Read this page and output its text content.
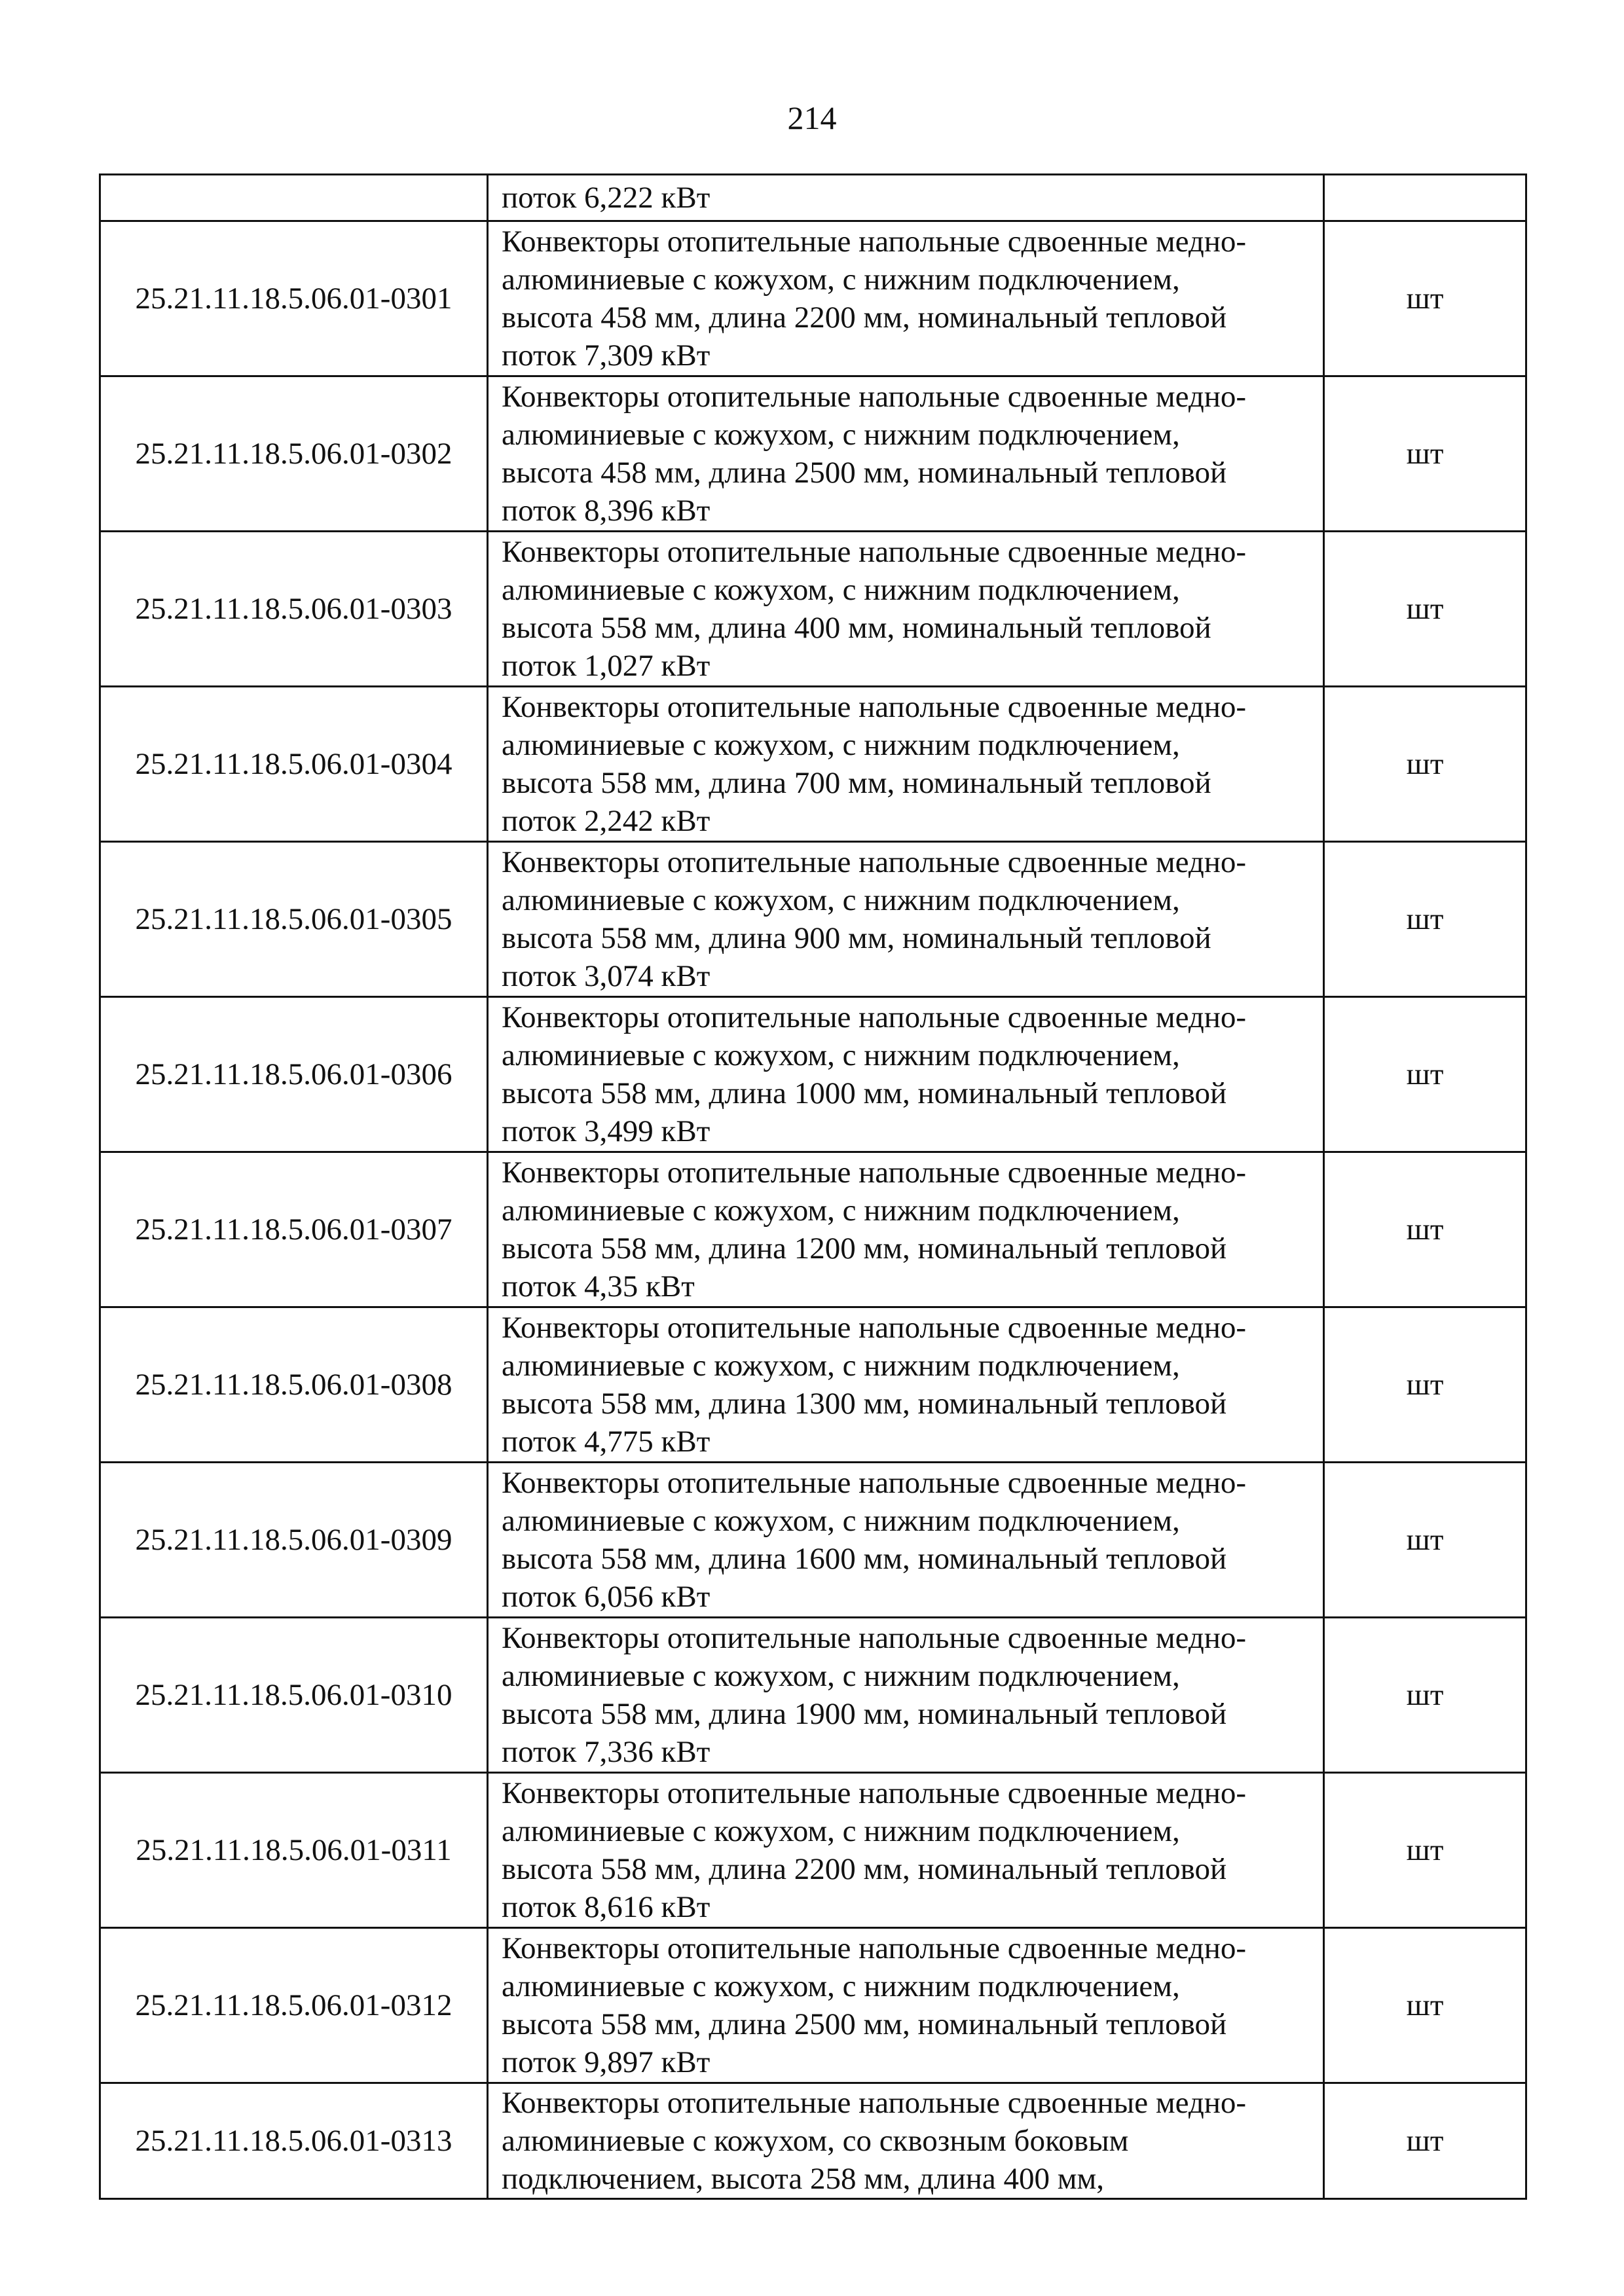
214

	поток 6,222 кВт	

25.21.11.18.5.06.01-0301	Конвекторы отопительные напольные сдвоенные медно-
алюминиевые с кожухом, с нижним подключением,
высота 458 мм, длина 2200 мм, номинальный тепловой
поток 7,309 кВт	шт
25.21.11.18.5.06.01-0302	Конвекторы отопительные напольные сдвоенные медно-
алюминиевые с кожухом, с нижним подключением,
высота 458 мм, длина 2500 мм, номинальный тепловой
поток 8,396 кВт	шт
25.21.11.18.5.06.01-0303	Конвекторы отопительные напольные сдвоенные медно-
алюминиевые с кожухом, с нижним подключением,
высота 558 мм, длина 400 мм, номинальный тепловой
поток 1,027 кВт	шт
25.21.11.18.5.06.01-0304	Конвекторы отопительные напольные сдвоенные медно-
алюминиевые с кожухом, с нижним подключением,
высота 558 мм, длина 700 мм, номинальный тепловой
поток 2,242 кВт	шт
25.21.11.18.5.06.01-0305	Конвекторы отопительные напольные сдвоенные медно-
алюминиевые с кожухом, с нижним подключением,
высота 558 мм, длина 900 мм, номинальный тепловой
поток 3,074 кВт	шт
25.21.11.18.5.06.01-0306	Конвекторы отопительные напольные сдвоенные медно-
алюминиевые с кожухом, с нижним подключением,
высота 558 мм, длина 1000 мм, номинальный тепловой
поток 3,499 кВт	шт
25.21.11.18.5.06.01-0307	Конвекторы отопительные напольные сдвоенные медно-
алюминиевые с кожухом, с нижним подключением,
высота 558 мм, длина 1200 мм, номинальный тепловой
поток 4,35 кВт	шт
25.21.11.18.5.06.01-0308	Конвекторы отопительные напольные сдвоенные медно-
алюминиевые с кожухом, с нижним подключением,
высота 558 мм, длина 1300 мм, номинальный тепловой
поток 4,775 кВт	шт
25.21.11.18.5.06.01-0309	Конвекторы отопительные напольные сдвоенные медно-
алюминиевые с кожухом, с нижним подключением,
высота 558 мм, длина 1600 мм, номинальный тепловой
поток 6,056 кВт	шт
25.21.11.18.5.06.01-0310	Конвекторы отопительные напольные сдвоенные медно-
алюминиевые с кожухом, с нижним подключением,
высота 558 мм, длина 1900 мм, номинальный тепловой
поток 7,336 кВт	шт
25.21.11.18.5.06.01-0311	Конвекторы отопительные напольные сдвоенные медно-
алюминиевые с кожухом, с нижним подключением,
высота 558 мм, длина 2200 мм, номинальный тепловой
поток 8,616 кВт	шт
25.21.11.18.5.06.01-0312	Конвекторы отопительные напольные сдвоенные медно-
алюминиевые с кожухом, с нижним подключением,
высота 558 мм, длина 2500 мм, номинальный тепловой
поток 9,897 кВт	шт
25.21.11.18.5.06.01-0313	Конвекторы отопительные напольные сдвоенные медно-
алюминиевые с кожухом, со сквозным боковым
подключением, высота 258 мм, длина 400 мм,	шт
